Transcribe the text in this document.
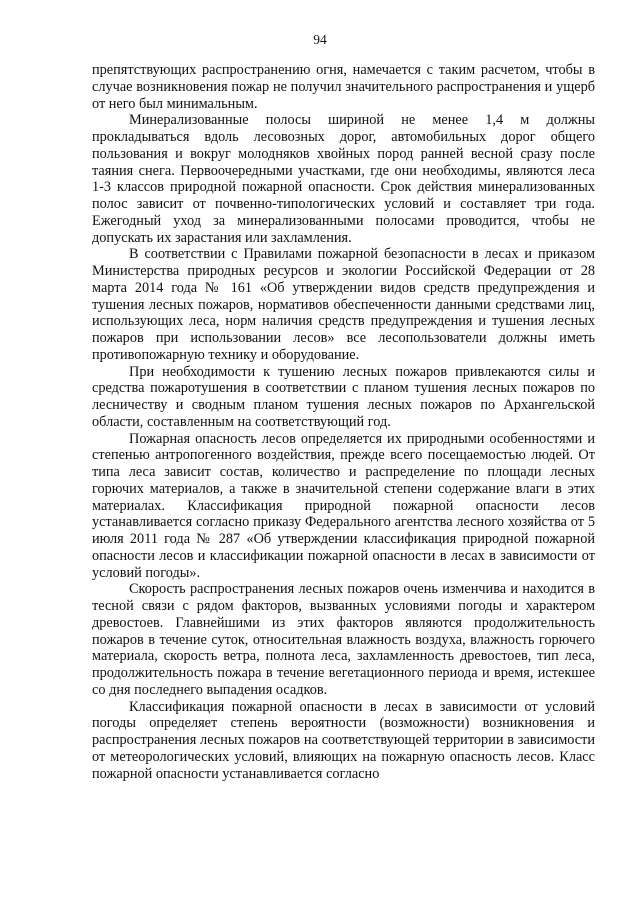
94

препятствующих распространению огня, намечается с таким расчетом, чтобы в случае возникновения пожар не получил значительного распространения и ущерб от него был минимальным.

Минерализованные полосы шириной не менее 1,4 м должны прокладываться вдоль лесовозных дорог, автомобильных дорог общего пользования и вокруг молодняков хвойных пород ранней весной сразу после таяния снега. Первоочередными участками, где они необходимы, являются леса 1-3 классов природной пожарной опасности. Срок действия минерализованных полос зависит от почвенно-типологических условий и составляет три года. Ежегодный уход за минерализованными полосами проводится, чтобы не допускать их зарастания или захламления.

В соответствии с Правилами пожарной безопасности в лесах и приказом Министерства природных ресурсов и экологии Российской Федерации от 28 марта 2014 года № 161 «Об утверждении видов средств предупреждения и тушения лесных пожаров, нормативов обеспеченности данными средствами лиц, использующих леса, норм наличия средств предупреждения и тушения лесных пожаров при использовании лесов» все лесопользователи должны иметь противопожарную технику и оборудование.

При необходимости к тушению лесных пожаров привлекаются силы и средства пожаротушения в соответствии с планом тушения лесных пожаров по лесничеству и сводным планом тушения лесных пожаров по Архангельской области, составленным на соответствующий год.

Пожарная опасность лесов определяется их природными особенностями и степенью антропогенного воздействия, прежде всего посещаемостью людей. От типа леса зависит состав, количество и распределение по площади лесных горючих материалов, а также в значительной степени содержание влаги в этих материалах. Классификация природной пожарной опасности лесов устанавливается согласно приказу Федерального агентства лесного хозяйства от 5 июля 2011 года № 287 «Об утверждении классификация природной пожарной опасности лесов и классификации пожарной опасности в лесах в зависимости от условий погоды».

Скорость распространения лесных пожаров очень изменчива и находится в тесной связи с рядом факторов, вызванных условиями погоды и характером древостоев. Главнейшими из этих факторов являются продолжительность пожаров в течение суток, относительная влажность воздуха, влажность горючего материала, скорость ветра, полнота леса, захламленность древостоев, тип леса, продолжительность пожара в течение вегетационного периода и время, истекшее со дня последнего выпадения осадков.

Классификация пожарной опасности в лесах в зависимости от условий погоды определяет степень вероятности (возможности) возникновения и распространения лесных пожаров на соответствующей территории в зависимости от метеорологических условий, влияющих на пожарную опасность лесов. Класс пожарной опасности устанавливается согласно
